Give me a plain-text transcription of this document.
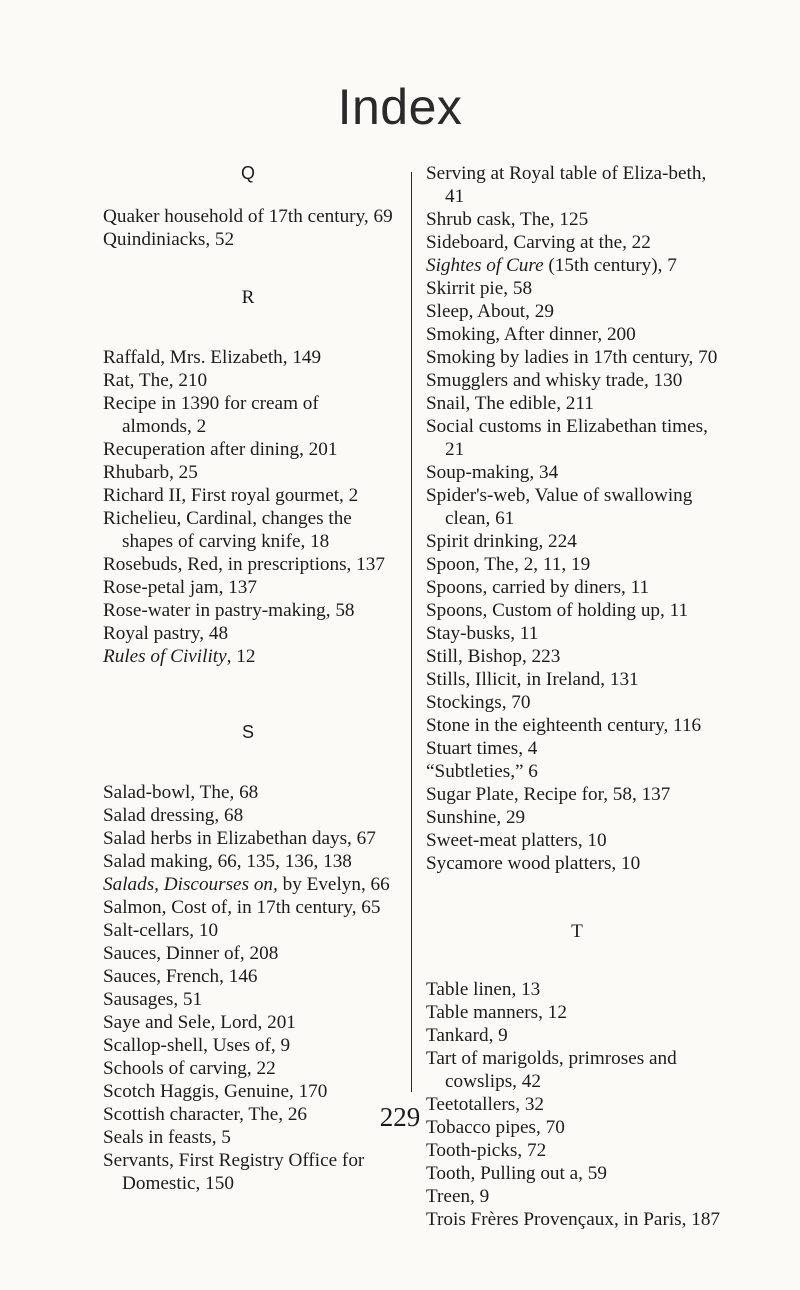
Index

Q

Quaker household of 17th century, 69

Quindiniacks, 52

R

Raffald, Mrs. Elizabeth, 149

Rat, The, 210

Recipe in 1390 for cream of almonds, 2

Recuperation after dining, 201

Rhubarb, 25

Richard II, First royal gourmet, 2

Richelieu, Cardinal, changes the shapes of carving knife, 18

Rosebuds, Red, in prescriptions, 137

Rose-petal jam, 137

Rose-water in pastry-making, 58

Royal pastry, 48

Rules of Civility, 12

S

Salad-bowl, The, 68

Salad dressing, 68

Salad herbs in Elizabethan days, 67

Salad making, 66, 135, 136, 138

Salads, Discourses on, by Evelyn, 66

Salmon, Cost of, in 17th century, 65

Salt-cellars, 10

Sauces, Dinner of, 208

Sauces, French, 146

Sausages, 51

Saye and Sele, Lord, 201

Scallop-shell, Uses of, 9

Schools of carving, 22

Scotch Haggis, Genuine, 170

Scottish character, The, 26

Seals in feasts, 5

Servants, First Registry Office for Domestic, 150

Serving at Royal table of Eliza-beth, 41

Shrub cask, The, 125

Sideboard, Carving at the, 22

Sightes of Cure (15th century), 7

Skirrit pie, 58

Sleep, About, 29

Smoking, After dinner, 200

Smoking by ladies in 17th century, 70

Smugglers and whisky trade, 130

Snail, The edible, 211

Social customs in Elizabethan times, 21

Soup-making, 34

Spider's-web, Value of swallowing clean, 61

Spirit drinking, 224

Spoon, The, 2, 11, 19

Spoons, carried by diners, 11

Spoons, Custom of holding up, 11

Stay-busks, 11

Still, Bishop, 223

Stills, Illicit, in Ireland, 131

Stockings, 70

Stone in the eighteenth century, 116

Stuart times, 4

“Subtleties,” 6

Sugar Plate, Recipe for, 58, 137

Sunshine, 29

Sweet-meat platters, 10

Sycamore wood platters, 10

T

Table linen, 13

Table manners, 12

Tankard, 9

Tart of marigolds, primroses and cowslips, 42

Teetotallers, 32

Tobacco pipes, 70

Tooth-picks, 72

Tooth, Pulling out a, 59

Treen, 9

Trois Frères Provençaux, in Paris, 187

229
